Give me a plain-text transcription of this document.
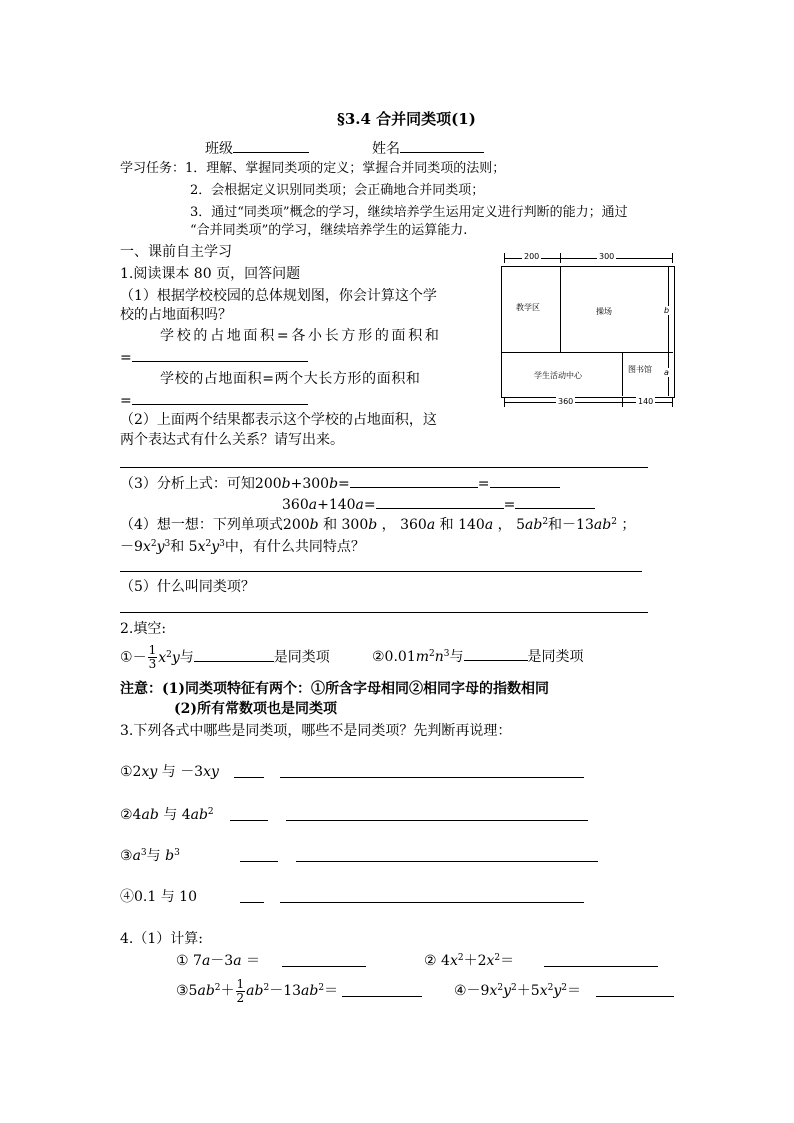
§3.4 合并同类项(1)
班级	姓名
学习任务：1．理解、掌握同类项的定义；掌握合并同类项的法则；
2．会根据定义识别同类项；会正确地合并同类项；
3．通过“同类项”概念的学习，继续培养学生运用定义进行判断的能力；通过
“合并同类项”的学习，继续培养学生的运算能力.
一、课前自主学习
1.阅读课本 80 页，回答问题
（1）根据学校校园的总体规划图，你会计算这个学
校的占地面积吗？
学校的占地面积=各小长方形的面积和
=
学校的占地面积=两个大长方形的面积和
=
（2）上面两个结果都表示这个学校的占地面积，这
两个表达式有什么关系？请写出来。
200	300
教学区	操场
学生活动中心
图书馆
b
a
360	140
（3）分析上式：可知200b+300b=	=
360a+140a=	=
（4）想一想：下列单项式200b 和 300b ， 360a 和 140a ， $5ab^2$和$-13ab^2$ ；
$-9x^2y^3$和 $5x^2y^3$中，有什么共同特点？
（5）什么叫同类项？
2.填空:
①－ $\frac{1}{3} x^2y$与	是同类项	$②0.01m^2n^3$与	是同类项
注意：(1)同类项特征有两个：①所含字母相同②相同字母的指数相同
(2)所有常数项也是同类项
3.下列各式中哪些是同类项，哪些不是同类项？先判断再说理：
①2xy 与 －3xy
②4ab 与 $4ab^2$
$③a^3$与 $b^3$
④0.1 与 10
4.（1）计算:
① 7a－3a ＝	② $4x^2+2x^2=$
$③5ab^2+ \frac{1}{2} ab^2-13ab^2=$	$④-9x^2y^2+5x^2y^2=$
